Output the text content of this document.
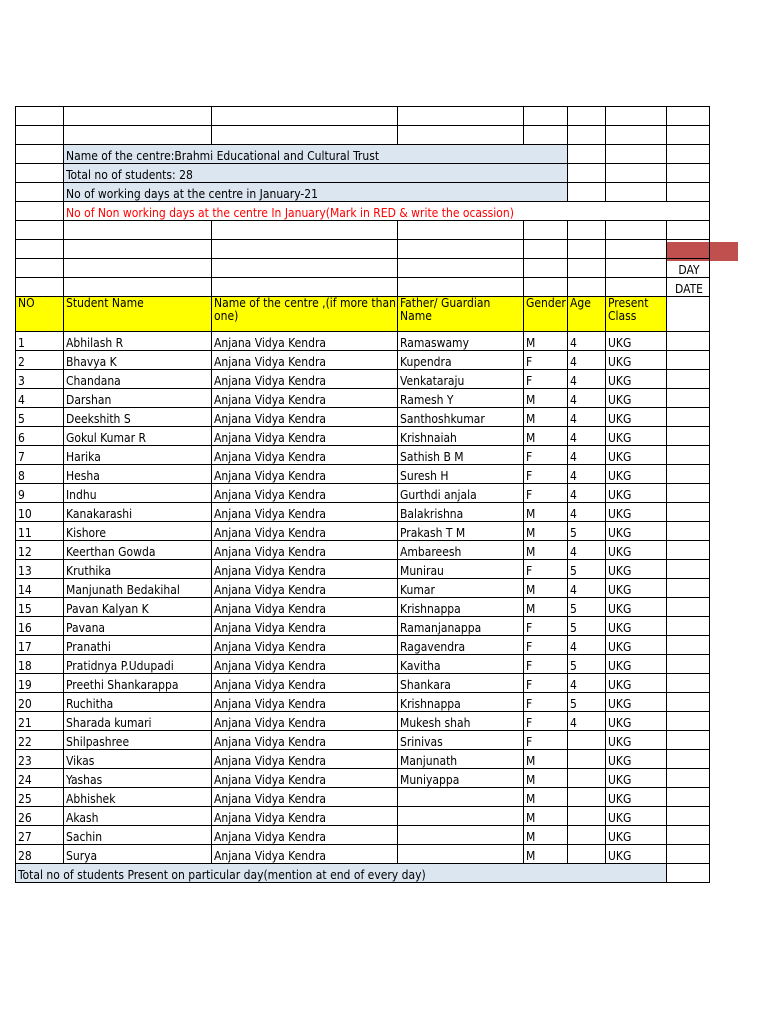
	Name of the centre:Brahmi Educational and Cultural Trust						
	Total no of students: 28						
	No of working days at the centre in January-21						
	No of Non working days at the centre In January(Mark in RED & write the ocassion)						

							DAY
							DATE
NO	Student Name	Name of the centre ,(if more than one)	Father/ Guardian Name	Gender	Age	Present Class	
1	Abhilash R	Anjana Vidya Kendra	Ramaswamy	M	4	UKG	
2	Bhavya K	Anjana Vidya Kendra	Kupendra	F	4	UKG	
3	Chandana	Anjana Vidya Kendra	Venkataraju	F	4	UKG	
4	Darshan	Anjana Vidya Kendra	Ramesh Y	M	4	UKG	
5	Deekshith S	Anjana Vidya Kendra	Santhoshkumar	M	4	UKG	
6	Gokul Kumar R	Anjana Vidya Kendra	Krishnaiah	M	4	UKG	
7	Harika	Anjana Vidya Kendra	Sathish B M	F	4	UKG	
8	Hesha	Anjana Vidya Kendra	Suresh H	F	4	UKG	
9	Indhu	Anjana Vidya Kendra	Gurthdi anjala	F	4	UKG	
10	Kanakarashi	Anjana Vidya Kendra	Balakrishna	M	4	UKG	
11	Kishore	Anjana Vidya Kendra	Prakash T M	M	5	UKG	
12	Keerthan Gowda	Anjana Vidya Kendra	Ambareesh	M	4	UKG	
13	Kruthika	Anjana Vidya Kendra	Munirau	F	5	UKG	
14	Manjunath Bedakihal	Anjana Vidya Kendra	Kumar	M	4	UKG	
15	Pavan Kalyan K	Anjana Vidya Kendra	Krishnappa	M	5	UKG	
16	Pavana	Anjana Vidya Kendra	Ramanjanappa	F	5	UKG	
17	Pranathi	Anjana Vidya Kendra	Ragavendra	F	4	UKG	
18	Pratidnya P.Udupadi	Anjana Vidya Kendra	Kavitha	F	5	UKG	
19	Preethi Shankarappa	Anjana Vidya Kendra	Shankara	F	4	UKG	
20	Ruchitha	Anjana Vidya Kendra	Krishnappa	F	5	UKG	
21	Sharada kumari	Anjana Vidya Kendra	Mukesh shah	F	4	UKG	
22	Shilpashree	Anjana Vidya Kendra	Srinivas	F		UKG	
23	Vikas	Anjana Vidya Kendra	Manjunath	M		UKG	
24	Yashas	Anjana Vidya Kendra	Muniyappa	M		UKG	
25	Abhishek	Anjana Vidya Kendra		M		UKG	
26	Akash	Anjana Vidya Kendra		M		UKG	
27	Sachin	Anjana Vidya Kendra		M		UKG	
28	Surya	Anjana Vidya Kendra		M		UKG	
Total no of students Present on particular day(mention at end of every day)							
